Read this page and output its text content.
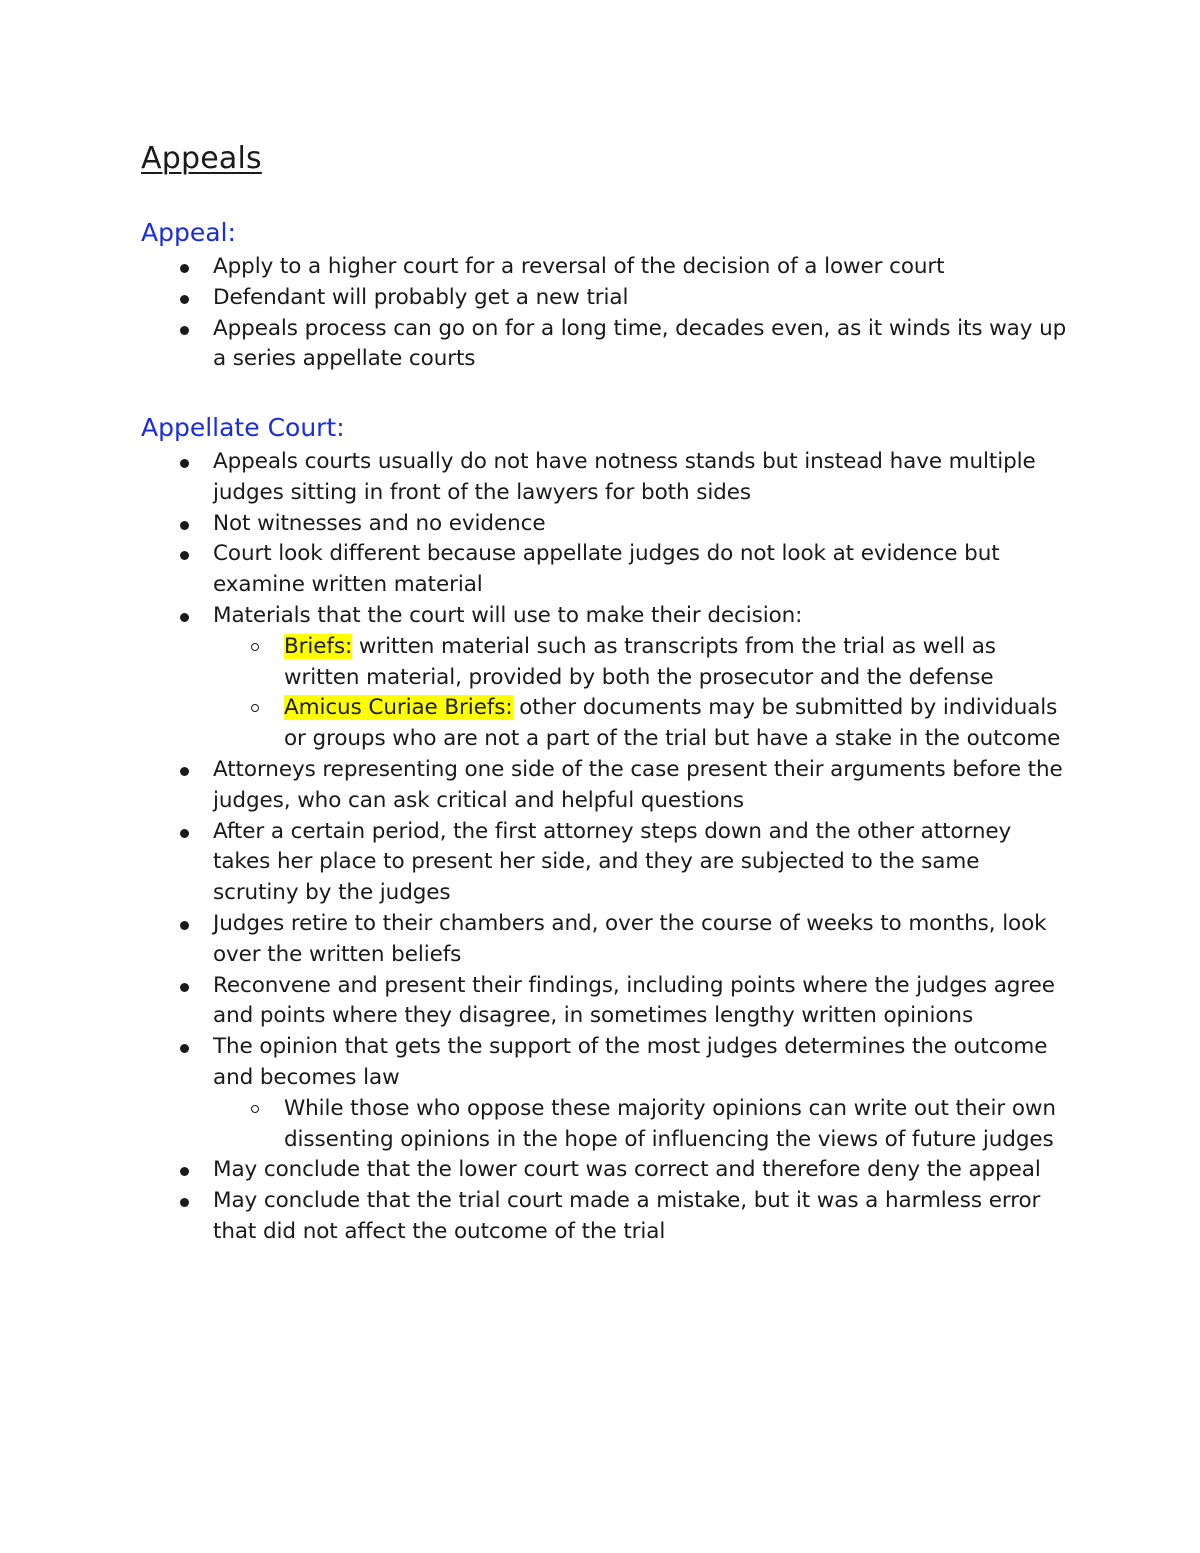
Appeals
Appeal:
Apply to a higher court for a reversal of the decision of a lower court
Defendant will probably get a new trial
Appeals process can go on for a long time, decades even, as it winds its way up a series appellate courts
Appellate Court:
Appeals courts usually do not have notness stands but instead have multiple judges sitting in front of the lawyers for both sides
Not witnesses and no evidence
Court look different because appellate judges do not look at evidence but examine written material
Materials that the court will use to make their decision:
Briefs: written material such as transcripts from the trial as well as written material, provided by both the prosecutor and the defense
Amicus Curiae Briefs: other documents may be submitted by individuals or groups who are not a part of the trial but have a stake in the outcome
Attorneys representing one side of the case present their arguments before the judges, who can ask critical and helpful questions
After a certain period, the first attorney steps down and the other attorney takes her place to present her side, and they are subjected to the same scrutiny by the judges
Judges retire to their chambers and, over the course of weeks to months, look over the written beliefs
Reconvene and present their findings, including points where the judges agree and points where they disagree, in sometimes lengthy written opinions
The opinion that gets the support of the most judges determines the outcome and becomes law
While those who oppose these majority opinions can write out their own dissenting opinions in the hope of influencing the views of future judges
May conclude that the lower court was correct and therefore deny the appeal
May conclude that the trial court made a mistake, but it was a harmless error that did not affect the outcome of the trial
